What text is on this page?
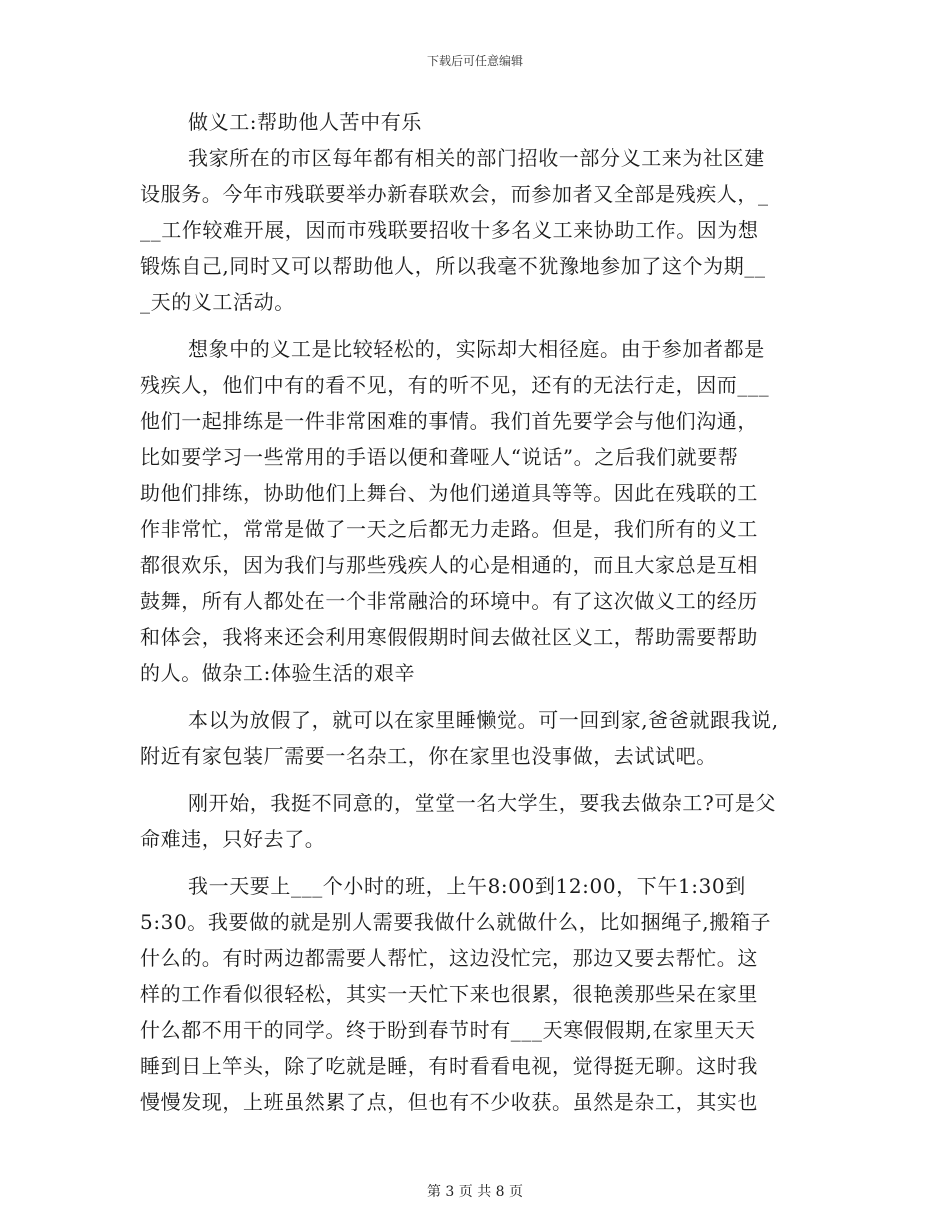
下载后可任意编辑
做义工:帮助他人苦中有乐
我家所在的市区每年都有相关的部门招收一部分义工来为社区建
设服务。今年市残联要举办新春联欢会，而参加者又全部是残疾人，_
__工作较难开展，因而市残联要招收十多名义工来协助工作。因为想
锻炼自己,同时又可以帮助他人，所以我毫不犹豫地参加了这个为期__
_天的义工活动。
想象中的义工是比较轻松的，实际却大相径庭。由于参加者都是
残疾人，他们中有的看不见，有的听不见，还有的无法行走，因而___
他们一起排练是一件非常困难的事情。我们首先要学会与他们沟通，
比如要学习一些常用的手语以便和聋哑人“说话”。之后我们就要帮
助他们排练，协助他们上舞台、为他们递道具等等。因此在残联的工
作非常忙，常常是做了一天之后都无力走路。但是，我们所有的义工
都很欢乐，因为我们与那些残疾人的心是相通的，而且大家总是互相
鼓舞，所有人都处在一个非常融洽的环境中。有了这次做义工的经历
和体会，我将来还会利用寒假假期时间去做社区义工，帮助需要帮助
的人。做杂工:体验生活的艰辛
本以为放假了，就可以在家里睡懒觉。可一回到家,爸爸就跟我说,
附近有家包装厂需要一名杂工，你在家里也没事做，去试试吧。
刚开始，我挺不同意的，堂堂一名大学生，要我去做杂工?可是父
命难违，只好去了。
我一天要上___个小时的班，上午8:00到12:00，下午1:30到
5:30。我要做的就是别人需要我做什么就做什么，比如捆绳子,搬箱子
什么的。有时两边都需要人帮忙，这边没忙完，那边又要去帮忙。这
样的工作看似很轻松，其实一天忙下来也很累，很艳羡那些呆在家里
什么都不用干的同学。终于盼到春节时有___天寒假假期,在家里天天
睡到日上竿头，除了吃就是睡，有时看看电视，觉得挺无聊。这时我
慢慢发现，上班虽然累了点，但也有不少收获。虽然是杂工，其实也
第 3 页 共 8 页
